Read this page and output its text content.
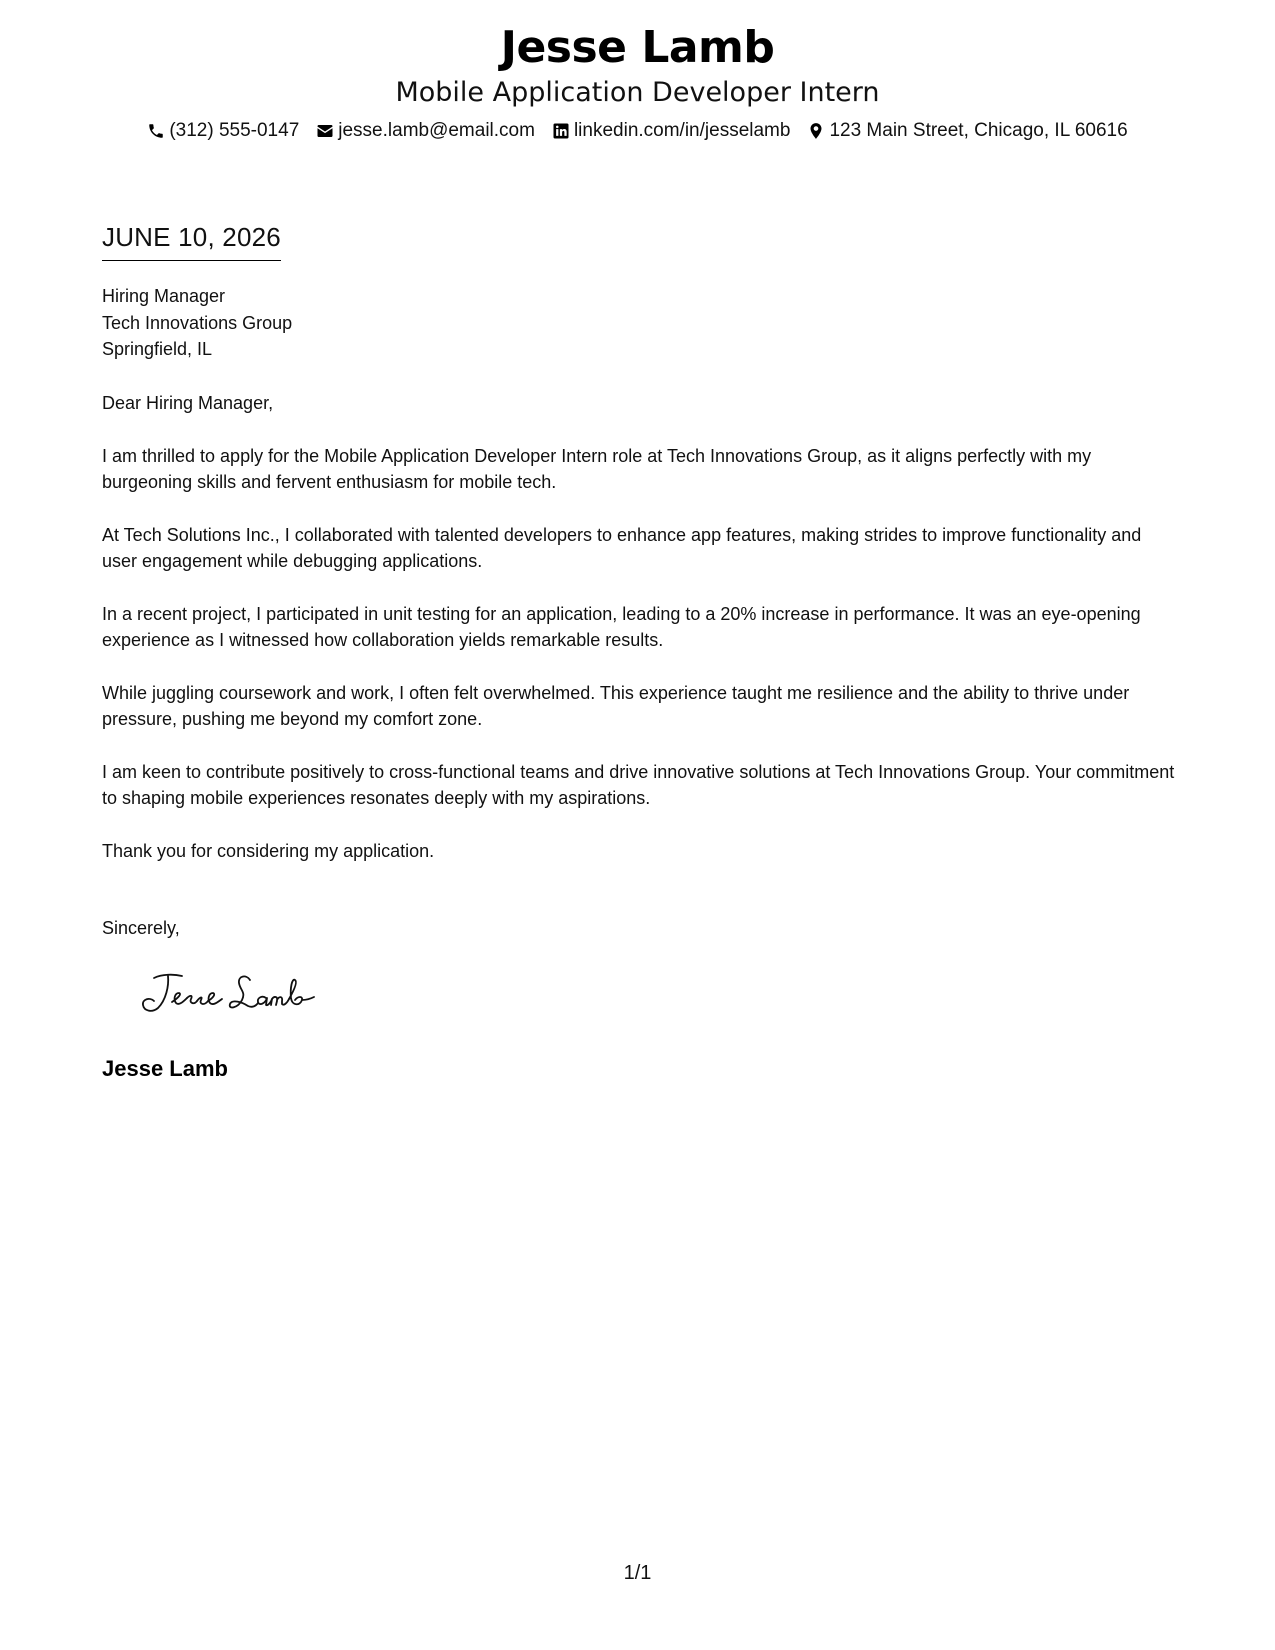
Jesse Lamb
Mobile Application Developer Intern
(312) 555-0147 jesse.lamb@email.com linkedin.com/in/jesselamb 123 Main Street, Chicago, IL 60616
JUNE 10, 2026
Hiring Manager
Tech Innovations Group
Springfield, IL

Dear Hiring Manager,

I am thrilled to apply for the Mobile Application Developer Intern role at Tech Innovations Group, as it aligns perfectly with my burgeoning skills and fervent enthusiasm for mobile tech.

At Tech Solutions Inc., I collaborated with talented developers to enhance app features, making strides to improve functionality and user engagement while debugging applications.

In a recent project, I participated in unit testing for an application, leading to a 20% increase in performance. It was an eye-opening experience as I witnessed how collaboration yields remarkable results.

While juggling coursework and work, I often felt overwhelmed. This experience taught me resilience and the ability to thrive under pressure, pushing me beyond my comfort zone.

I am keen to contribute positively to cross-functional teams and drive innovative solutions at Tech Innovations Group. Your commitment to shaping mobile experiences resonates deeply with my aspirations.

Thank you for considering my application.

Sincerely,
Jesse Lamb
1/1
